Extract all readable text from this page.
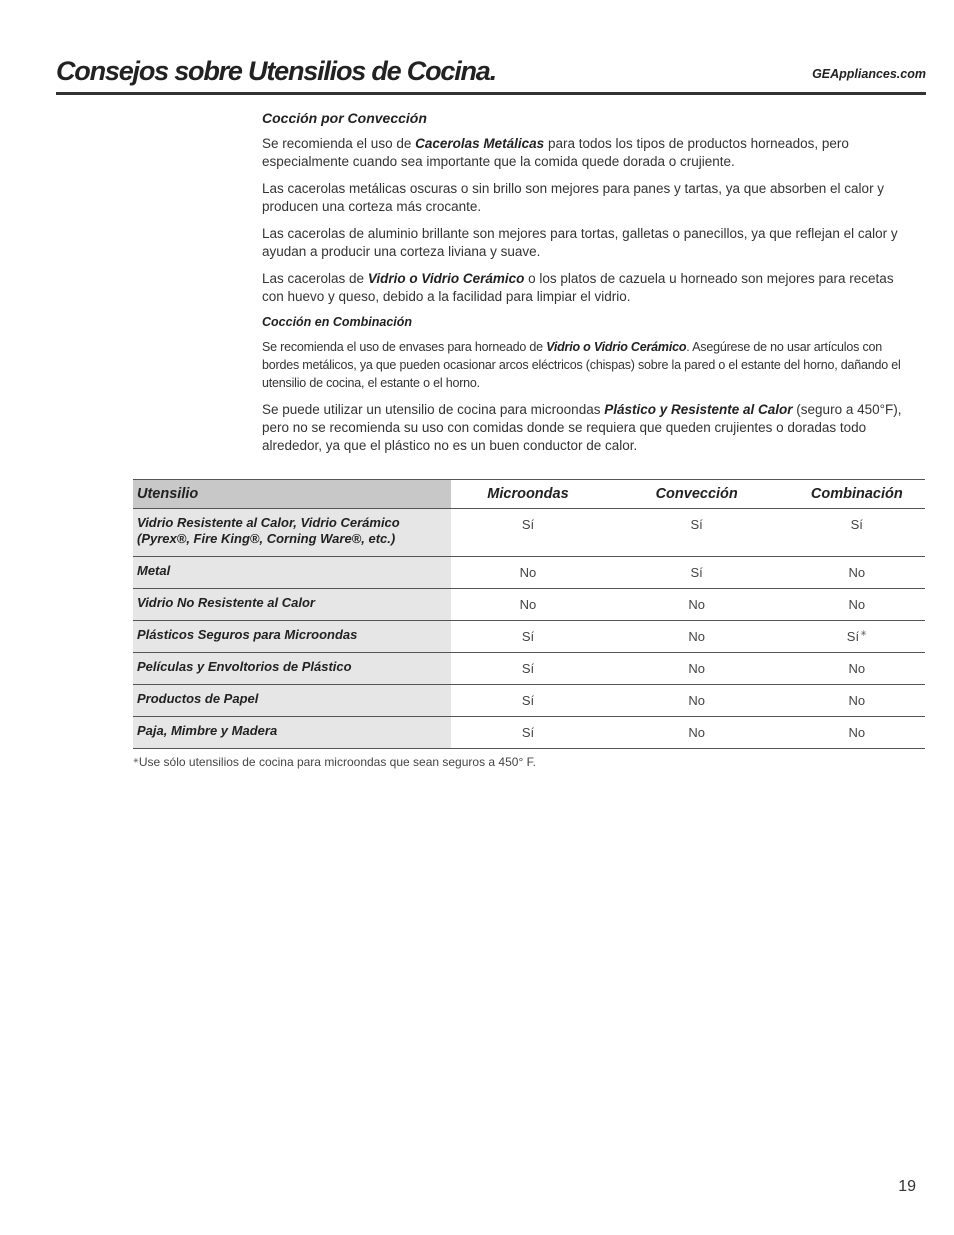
Consejos sobre Utensilios de Cocina.	GEAppliances.com

Cocción por Convección

Se recomienda el uso de Cacerolas Metálicas para todos los tipos de productos horneados, pero especialmente cuando sea importante que la comida quede dorada o crujiente.

Las cacerolas metálicas oscuras o sin brillo son mejores para panes y tartas, ya que absorben el calor y producen una corteza más crocante.

Las cacerolas de aluminio brillante son mejores para tortas, galletas o panecillos, ya que reflejan el calor y ayudan a producir una corteza liviana y suave.

Las cacerolas de Vidrio o Vidrio Cerámico o los platos de cazuela u horneado son mejores para recetas con huevo y queso, debido a la facilidad para limpiar el vidrio.

Cocción en Combinación

Se recomienda el uso de envases para horneado de Vidrio o Vidrio Cerámico. Asegúrese de no usar artículos con bordes metálicos, ya que pueden ocasionar arcos eléctricos (chispas) sobre la pared o el estante del horno, dañando el utensilio de cocina, el estante o el horno.

Se puede utilizar un utensilio de cocina para microondas Plástico y Resistente al Calor (seguro a 450°F), pero no se recomienda su uso con comidas donde se requiera que queden crujientes o doradas todo alrededor, ya que el plástico no es un buen conductor de calor.

Utensilio	Microondas	Convección	Combinación
Vidrio Resistente al Calor, Vidrio Cerámico
(Pyrex®, Fire King®, Corning Ware®, etc.)	Sí	Sí	Sí
Metal	No	Sí	No
Vidrio No Resistente al Calor	No	No	No
Plásticos Seguros para Microondas	Sí	No	Sí✳
Películas y Envoltorios de Plástico	Sí	No	No
Productos de Papel	Sí	No	No
Paja, Mimbre y Madera	Sí	No	No
✳Use sólo utensilios de cocina para microondas que sean seguros a 450° F.
19
